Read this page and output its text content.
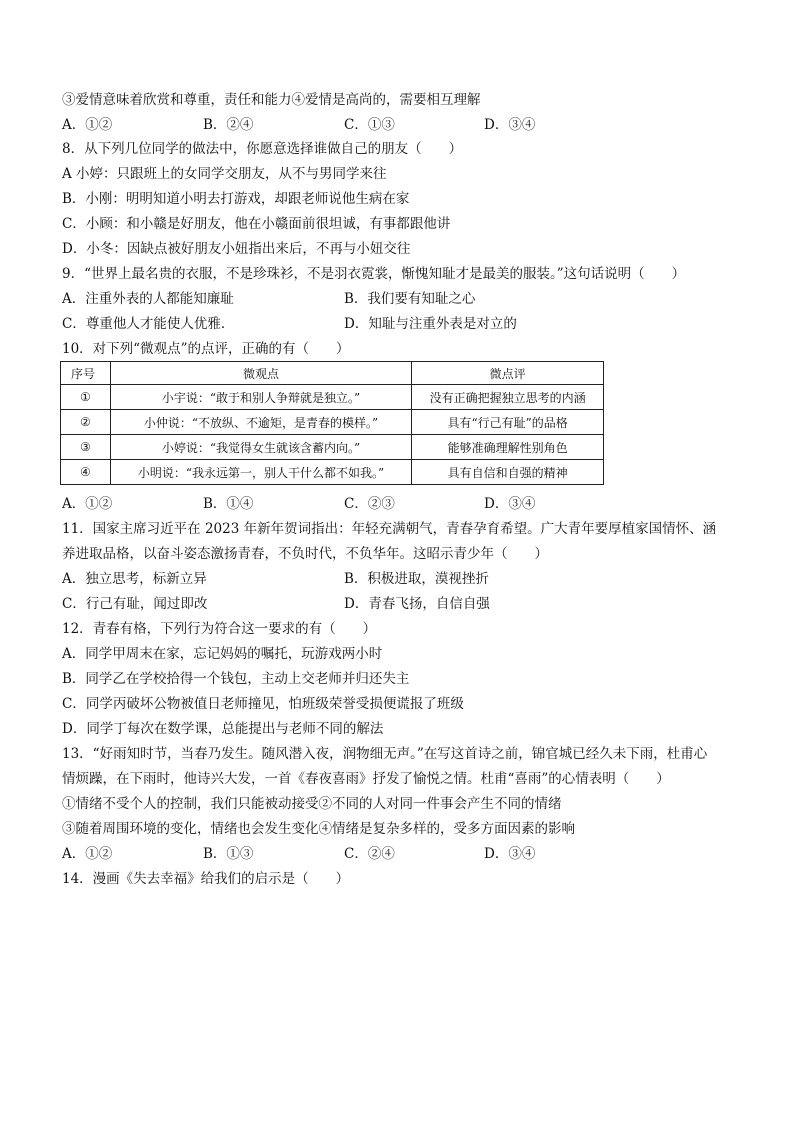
③爱情意味着欣赏和尊重，责任和能力④爱情是高尚的，需要相互理解
A．①②	B．②④	C．①③	D．③④
8．从下列几位同学的做法中，你愿意选择谁做自己的朋友（　　）
A 小婷：只跟班上的女同学交朋友，从不与男同学来往
B．小刚：明明知道小明去打游戏，却跟老师说他生病在家
C．小顾：和小赣是好朋友，他在小赣面前很坦诚，有事都跟他讲
D．小冬：因缺点被好朋友小妞指出来后，不再与小妞交往
9．“世界上最名贵的衣服，不是珍珠衫，不是羽衣霓裳，惭愧知耻才是最美的服装。”这句话说明（　　）
A．注重外表的人都能知廉耻	B．我们要有知耻之心
C．尊重他人才能使人优雅．	D．知耻与注重外表是对立的
10．对下列“微观点”的点评，正确的有（　　）
序号	微观点	微点评
①	小宇说：“敢于和别人争辩就是独立。”	没有正确把握独立思考的内涵
②	小仲说：“不放纵、不逾矩，是青春的模样。”	具有“行己有耻”的品格
③	小婷说：“我觉得女生就该含蓄内向。”	能够准确理解性别角色
④	小明说：“我永远第一，别人干什么都不如我。”	具有自信和自强的精神
A．①②	B．①④	C．②③	D．③④
11．国家主席习近平在 2023 年新年贺词指出：年轻充满朝气，青春孕育希望。广大青年要厚植家国情怀、涵
养进取品格，以奋斗姿态激扬青春，不负时代，不负华年。这昭示青少年（　　）
A．独立思考，标新立异	B．积极进取，漠视挫折
C．行己有耻，闻过即改	D．青春飞扬，自信自强
12．青春有格，下列行为符合这一要求的有（　　）
A．同学甲周末在家，忘记妈妈的嘱托，玩游戏两小时
B．同学乙在学校拾得一个钱包，主动上交老师并归还失主
C．同学丙破坏公物被值日老师撞见，怕班级荣誉受损便谎报了班级
D．同学丁每次在数学课，总能提出与老师不同的解法
13．“好雨知时节，当春乃发生。随风潜入夜，润物细无声。”在写这首诗之前，锦官城已经久未下雨，杜甫心
情烦躁，在下雨时，他诗兴大发，一首《春夜喜雨》抒发了愉悦之情。杜甫“喜雨”的心情表明（　　）
①情绪不受个人的控制，我们只能被动接受②不同的人对同一件事会产生不同的情绪
③随着周围环境的变化，情绪也会发生变化④情绪是复杂多样的，受多方面因素的影响
A．①②	B．①③	C．②④	D．③④
14．漫画《失去幸福》给我们的启示是（　　）
